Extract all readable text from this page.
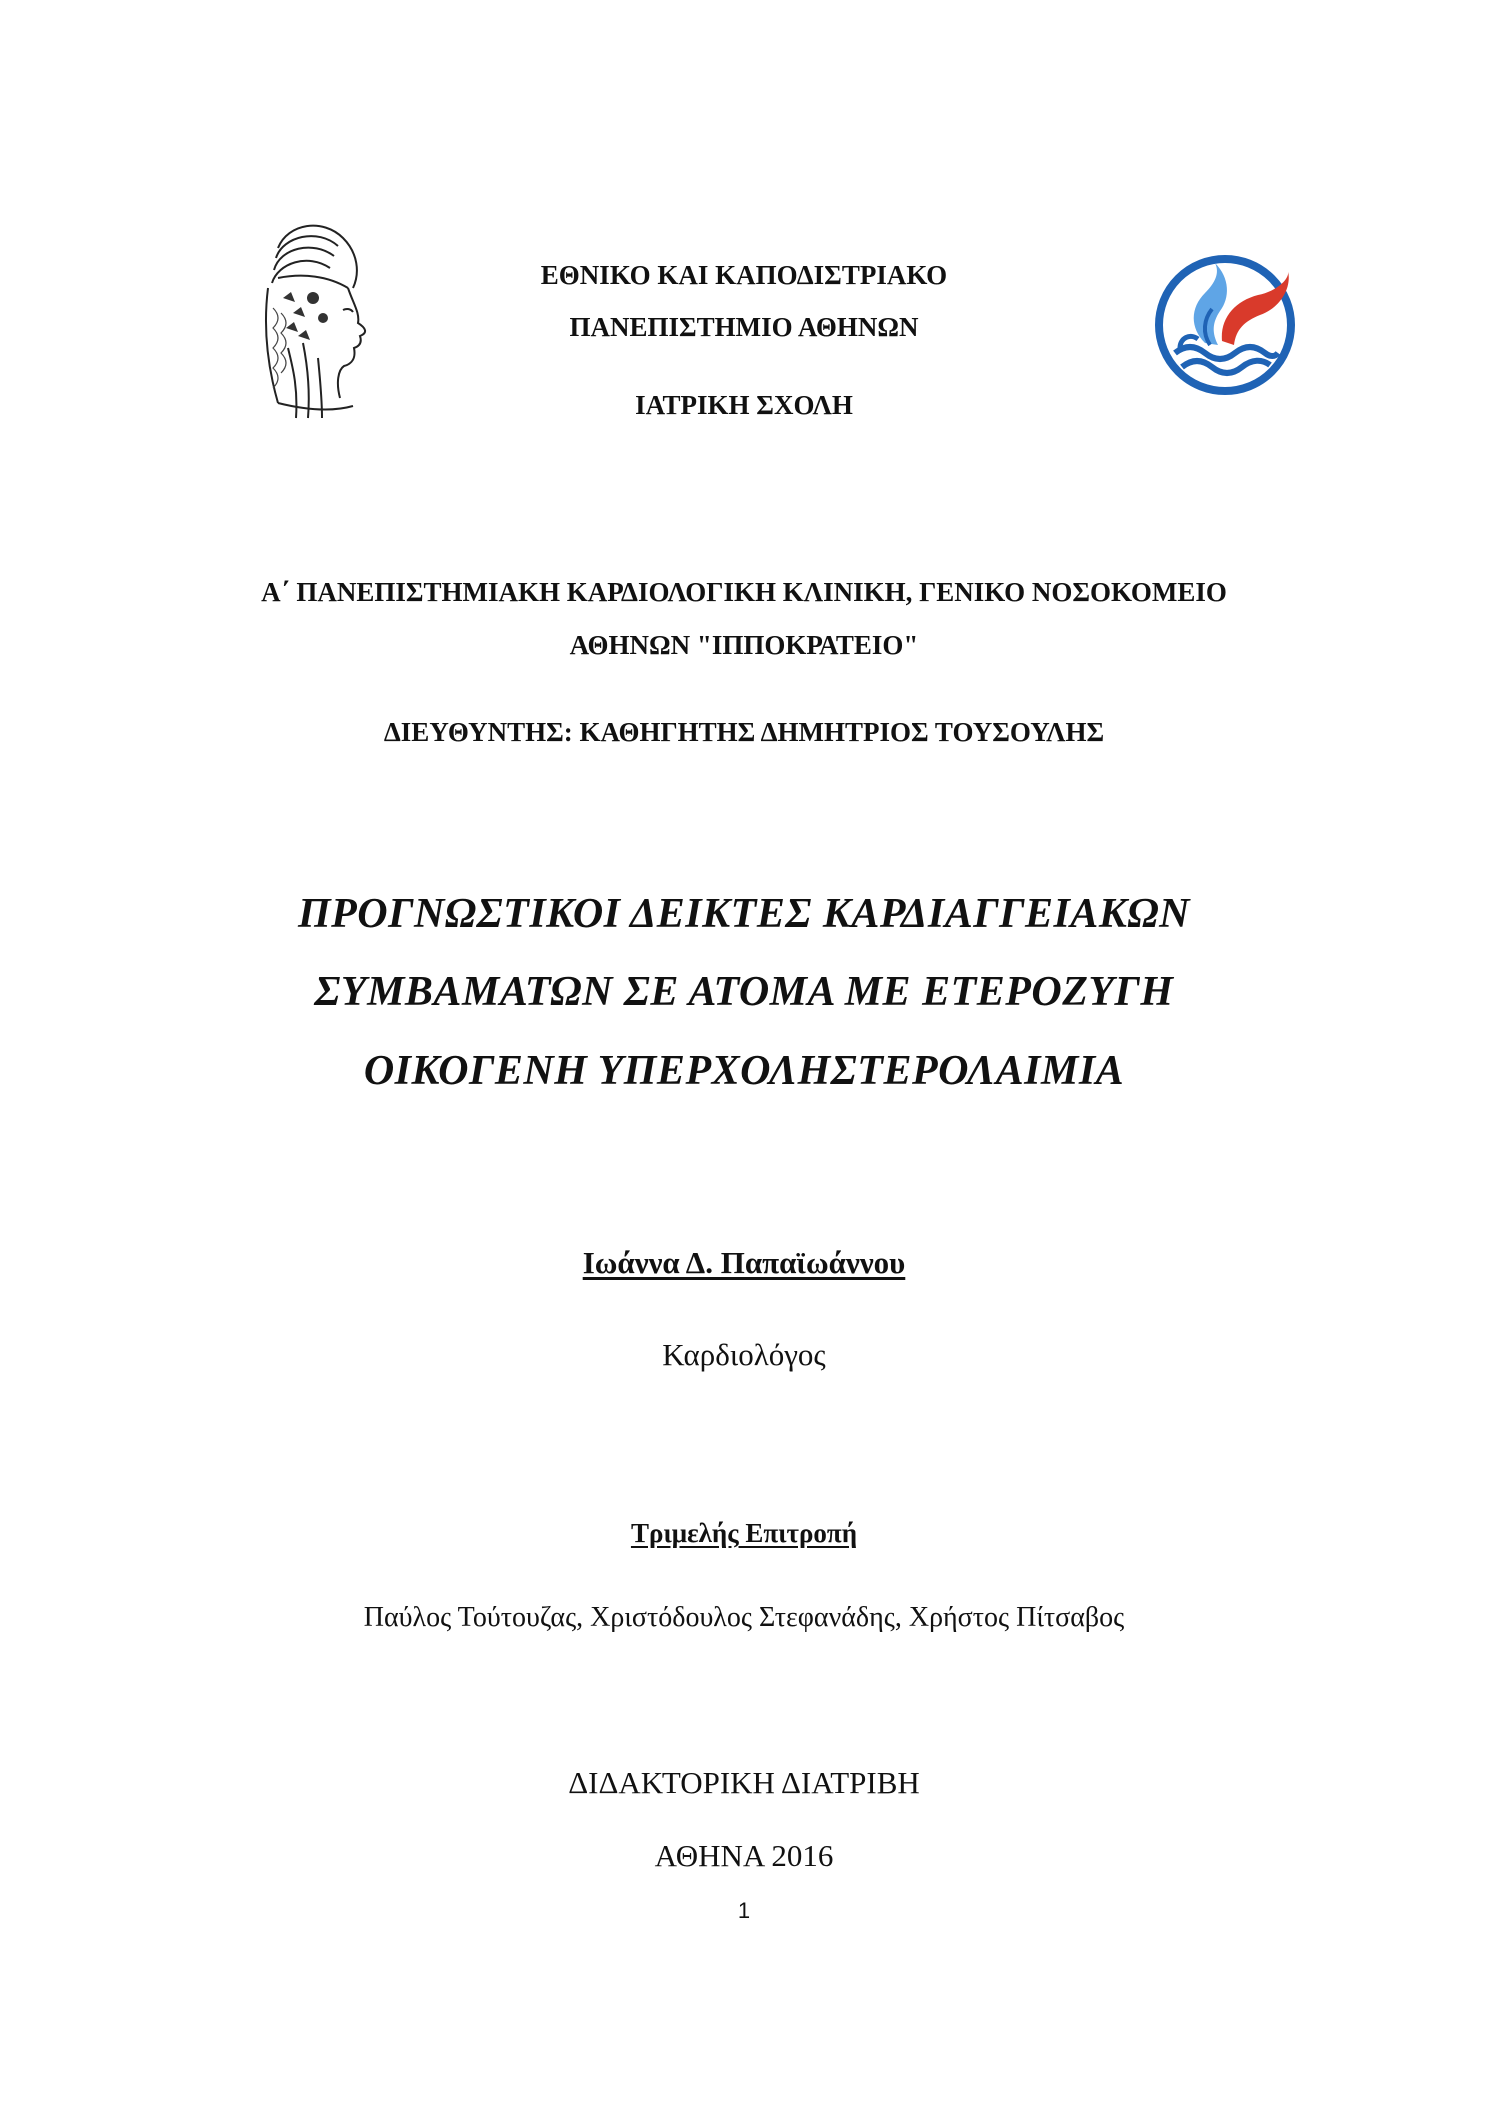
ΕΘΝΙΚΟ ΚΑΙ ΚΑΠΟΔΙΣΤΡΙΑΚΟ
ΠΑΝΕΠΙΣΤΗΜΙΟ ΑΘΗΝΩΝ
ΙΑΤΡΙΚΗ ΣΧΟΛΗ
Α΄ ΠΑΝΕΠΙΣΤΗΜΙΑΚΗ ΚΑΡΔΙΟΛΟΓΙΚΗ ΚΛΙΝΙΚΗ, ΓΕΝΙΚΟ ΝΟΣΟΚΟΜΕΙΟ
ΑΘΗΝΩΝ "ΙΠΠΟΚΡΑΤΕΙΟ"
ΔΙΕΥΘΥΝΤΗΣ: ΚΑΘΗΓΗΤΗΣ ΔΗΜΗΤΡΙΟΣ ΤΟΥΣΟΥΛΗΣ
ΠΡΟΓΝΩΣΤΙΚΟΙ ΔΕΙΚΤΕΣ ΚΑΡΔΙΑΓΓΕΙΑΚΩΝ
ΣΥΜΒΑΜΑΤΩΝ ΣΕ ΑΤΟΜΑ ΜΕ ΕΤΕΡΟΖΥΓΗ
ΟΙΚΟΓΕΝΗ ΥΠΕΡΧΟΛΗΣΤΕΡΟΛΑΙΜΙΑ
Ιωάννα Δ. Παπαϊωάννου
Καρδιολόγος
Τριμελής Επιτροπή
Παύλος Τούτουζας, Χριστόδουλος Στεφανάδης, Χρήστος Πίτσαβος
ΔΙΔΑΚΤΟΡΙΚΗ ΔΙΑΤΡΙΒΗ
ΑΘΗΝΑ 2016
1
